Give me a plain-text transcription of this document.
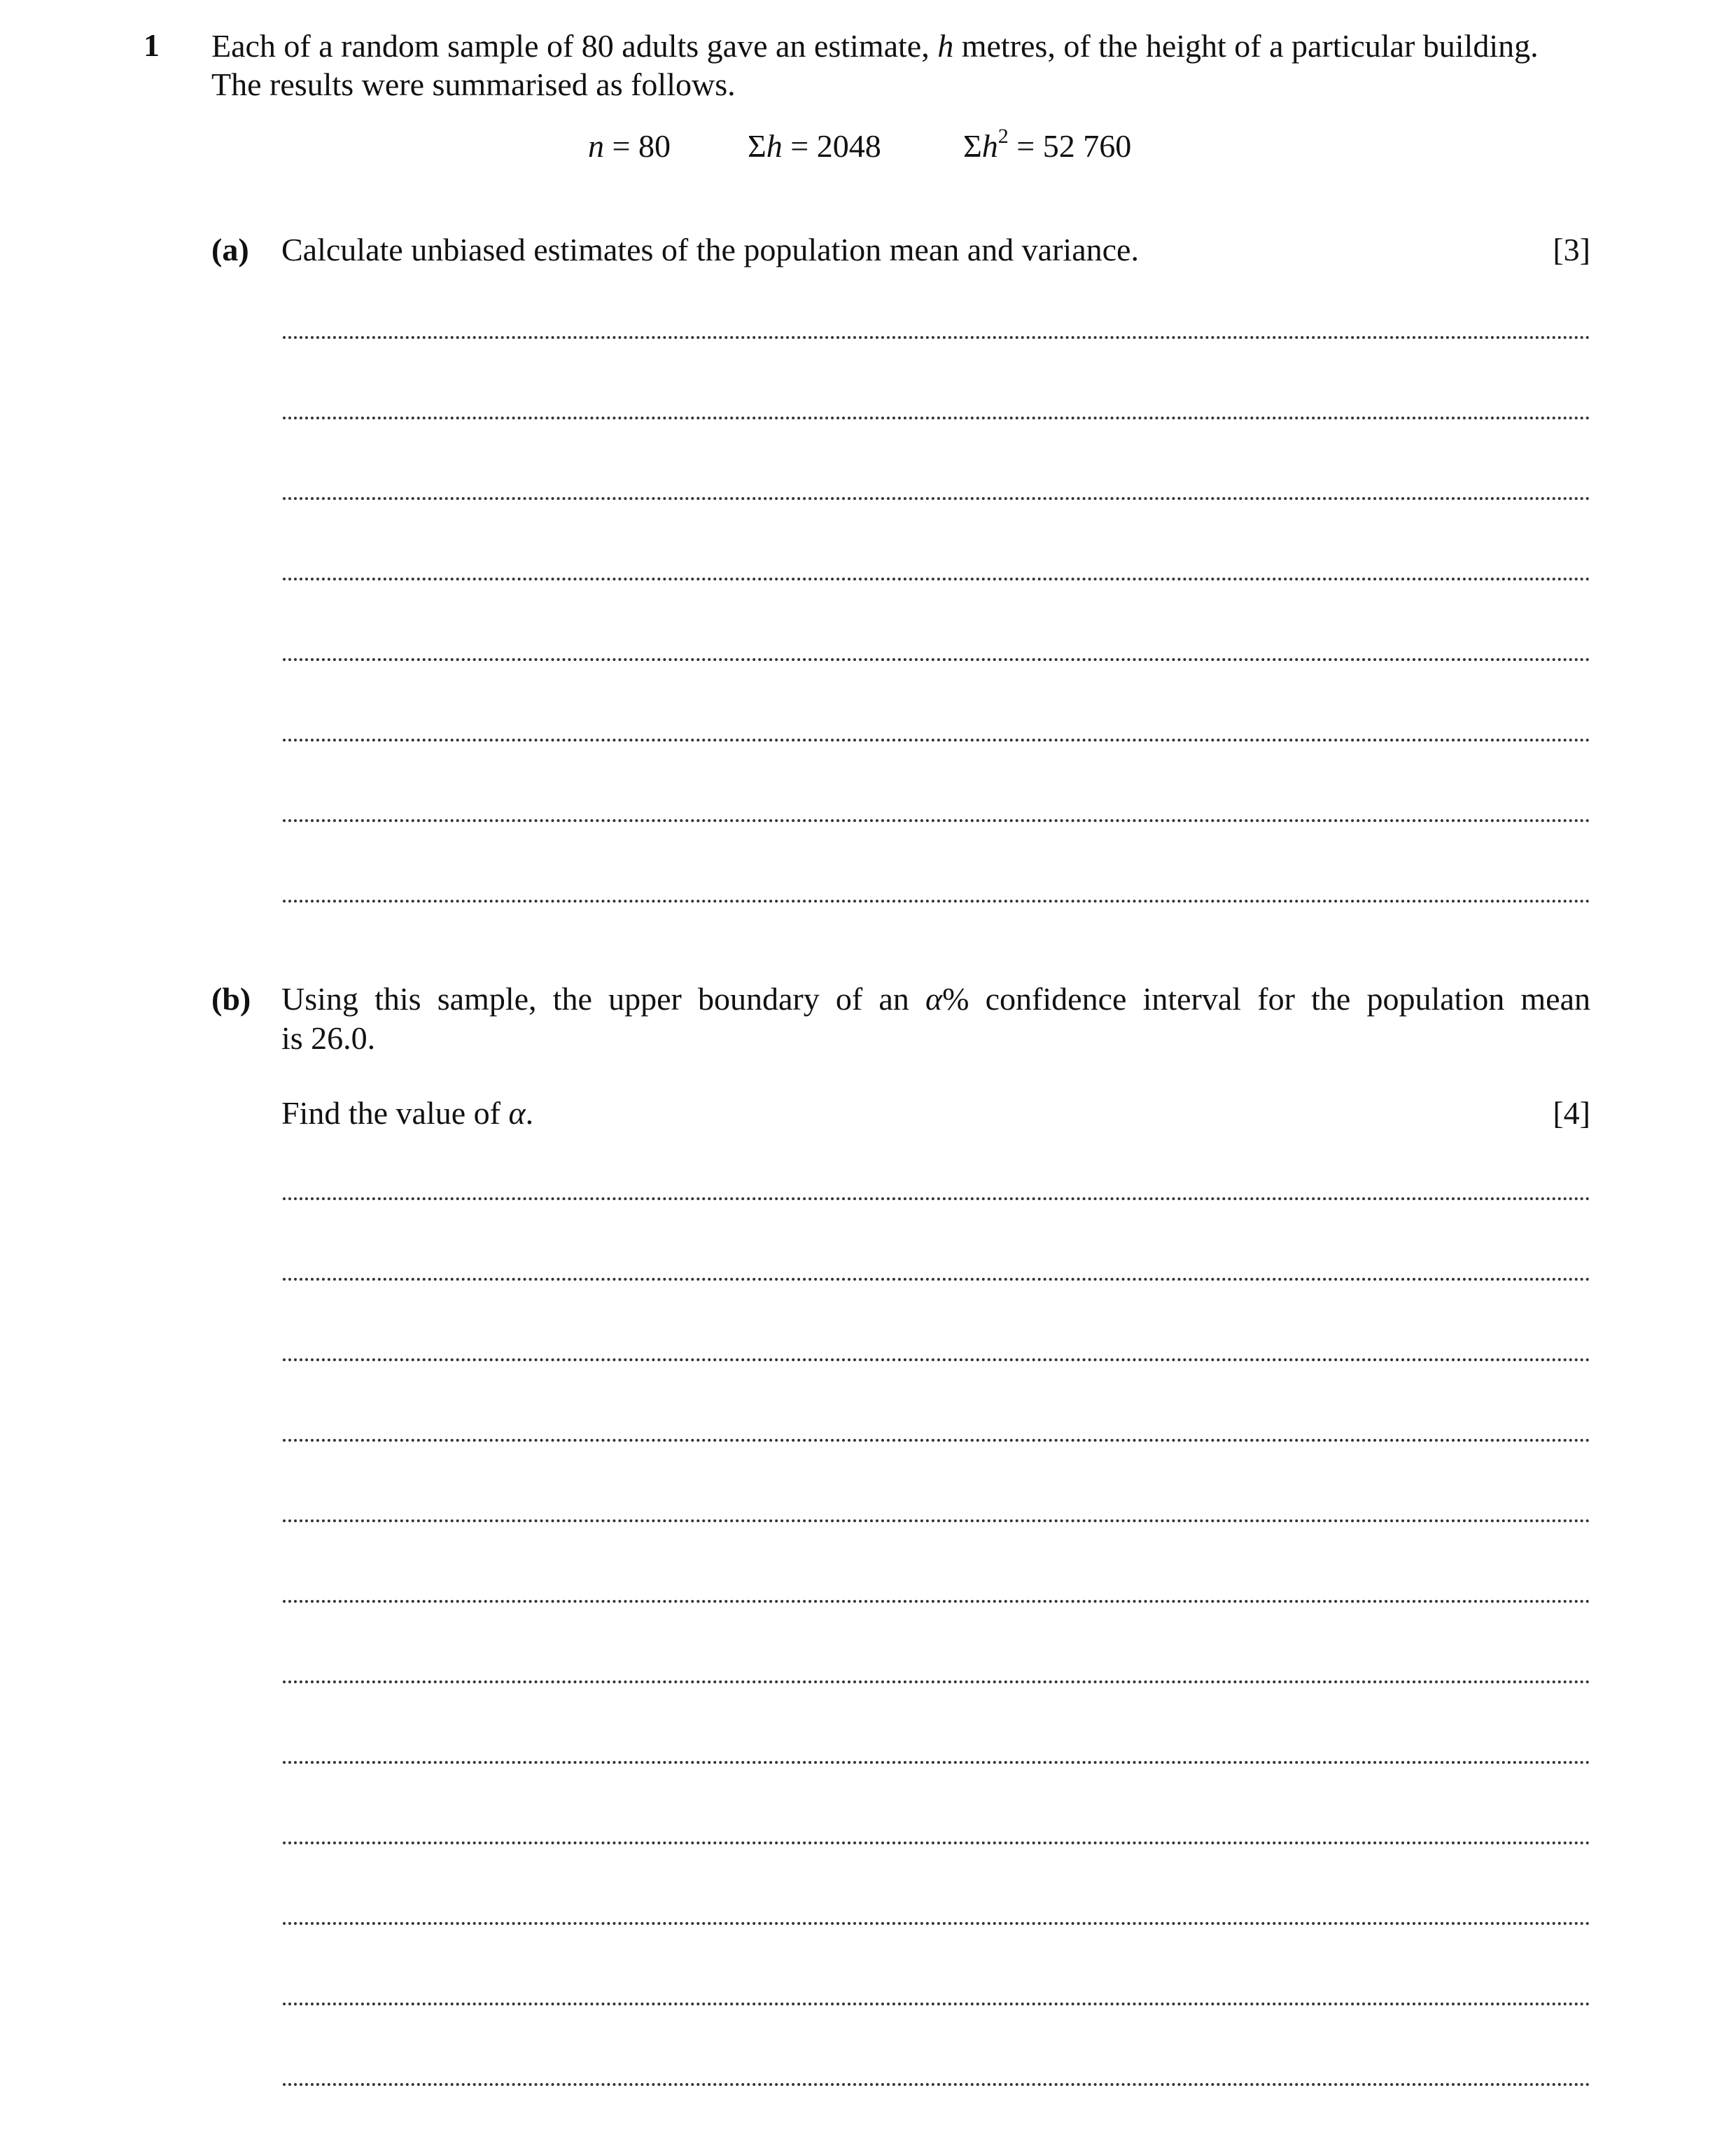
1 Each of a random sample of 80 adults gave an estimate, h metres, of the height of a particular building.
The results were summarised as follows.
n = 80 Σh = 2048	$\Sigma h^2 = 52$ 760
(a) Calculate unbiased estimates of the population mean and variance.	[3]
(b) Using this sample, the upper boundary of an α% confidence interval for the population mean
is 26.0.
Find the value of α.	[4]
